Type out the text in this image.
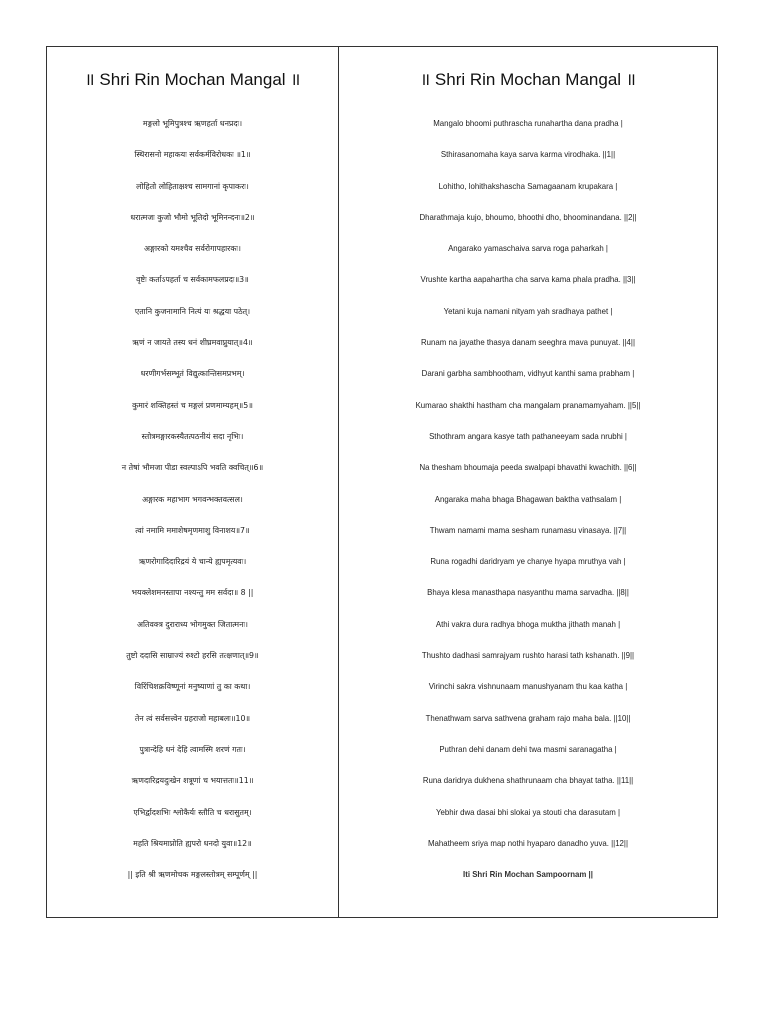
॥ Shri Rin Mochan Mangal ॥
मङ्गलो भूमिपुत्रश्च ऋणहर्ता धनप्रदः।
स्थिरासनो महाकयः सर्वकर्मविरोधकः ॥1॥
लोहितो लोहिताक्षश्च सामगानां कृपाकरः।
धरात्मजः कुजो भौमो भूतिदो भूमिनन्दनः॥2॥
अङ्गारको यमश्चैव सर्वरोगापहारकः।
वृष्टेः कर्ताऽपहर्ता च सर्वकामफलप्रदः॥3॥
एतानि कुजनामानि नित्यं यः श्रद्धया पठेत्।
ऋणं न जायते तस्य धनं शीघ्रमवाप्नुयात्॥4॥
धरणीगर्भसम्भूतं विद्युत्कान्तिसमप्रभम्।
कुमारं शक्तिहस्तं च मङ्गलं प्रणमाम्यहम्॥5॥
स्तोत्रमङ्गारकस्यैतत्पठनीयं सदा नृभिः।
न तेषां भौमजा पीडा स्वल्पाऽपि भवति क्वचित्॥6॥
अङ्गारक महाभाग भगवन्भक्तवत्सल।
त्वां नमामि ममाशेषमृणमाशु विनाशय॥7॥
ऋणरोगादिदारिद्रयं ये चान्ये ह्यपमृत्यवः।
भयक्लेशमनस्तापा नश्यन्तु मम सर्वदा॥ 8 ||
अतिवक्त्र दुराराध्य भोगमुक्त जितात्मनः।
तुष्टो ददासि साम्राज्यं रुश्टो हरसि तत्क्षणात्॥9॥
विरिंचिशक्रविष्णूनां मनुष्याणां तु का कथा।
तेन त्वं सर्वसत्त्वेन ग्रहराजो महाबलः॥10॥
पुत्रान्देहि धनं देहि त्वामस्मि शरणं गतः।
ऋणदारिद्रयदुःखेन शत्रूणां च भयात्ततः॥11॥
एभिर्द्वादशभिः श्लोकैर्यः स्तौति च धरासुतम्।
महति श्रियमाप्नोति ह्यपरो धनदो युवा॥12॥
|| इति श्री ऋणमोचक मङ्गलस्तोत्रम् सम्पूर्णम् ||
॥ Shri Rin Mochan Mangal ॥
Mangalo bhoomi puthrascha runahartha dana pradha |
Sthirasanomaha kaya sarva karma virodhaka. ||1||
Lohitho, lohithakshascha Samagaanam krupakara |
Dharathmaja kujo, bhoumo, bhoothi dho, bhoominandana. ||2||
Angarako yamaschaiva sarva roga paharkah |
Vrushte kartha aapahartha cha sarva kama phala pradha. ||3||
Yetani kuja namani nityam yah sradhaya pathet |
Runam na jayathe thasya danam seeghra mava punuyat. ||4||
Darani garbha sambhootham, vidhyut kanthi sama prabham |
Kumarao shakthi hastham cha mangalam pranamamyaham. ||5||
Sthothram angara kasye tath pathaneeyam sada nrubhi |
Na thesham bhoumaja peeda swalpapi bhavathi kwachith. ||6||
Angaraka maha bhaga Bhagawan baktha vathsalam |
Thwam namami mama sesham runamasu vinasaya. ||7||
Runa rogadhi daridryam ye chanye hyapa mruthya vah |
Bhaya klesa manasthapa nasyanthu mama sarvadha. ||8||
Athi vakra dura radhya bhoga muktha jithath manah |
Thushto dadhasi samrajyam rushto harasi tath kshanath. ||9||
Virinchi sakra vishnunaam manushyanam thu kaa katha |
Thenathwam sarva sathvena graham rajo maha bala. ||10||
Puthran dehi danam dehi twa masmi saranagatha |
Runa daridrya dukhena shathrunaam cha bhayat tatha. ||11||
Yebhir dwa dasai bhi slokai ya stouti cha darasutam |
Mahatheem sriya map nothi hyaparo danadho yuva. ||12||
Iti Shri Rin Mochan Sampoornam ||
